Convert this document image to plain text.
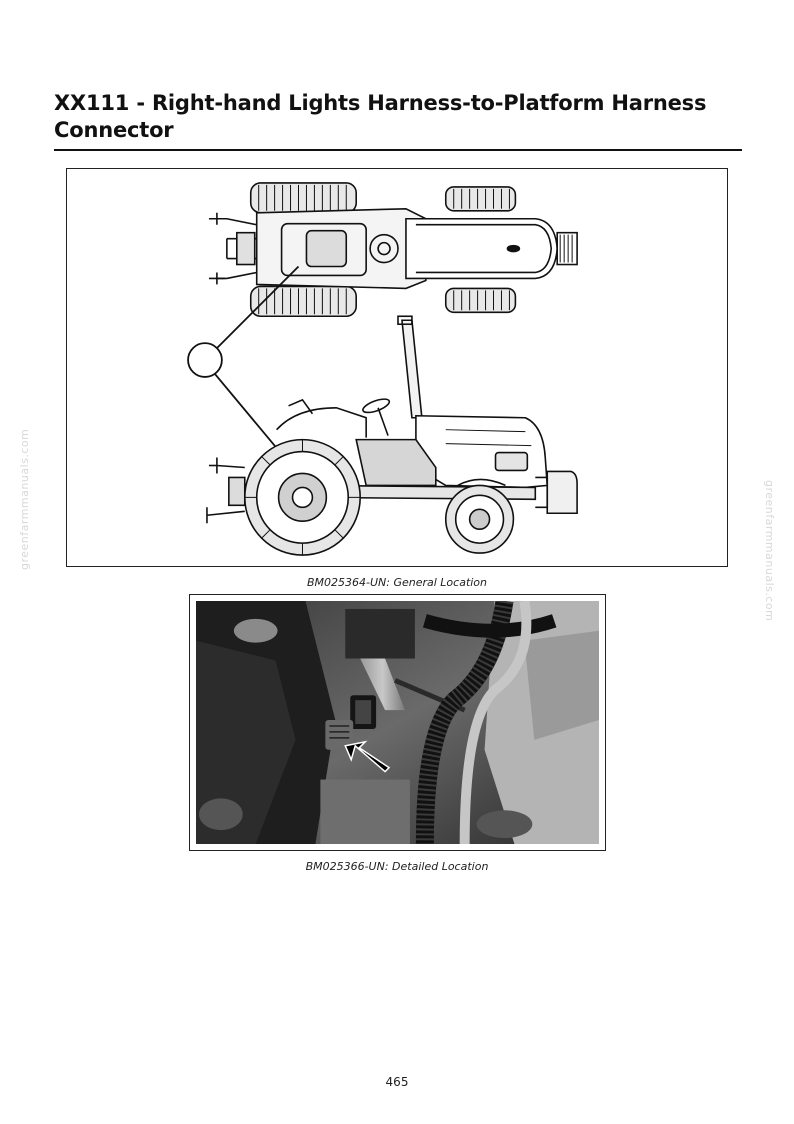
XX111 - Right-hand Lights Harness-to-Platform Harness Connector
BM025364-UN: General Location
BM025366-UN: Detailed Location
greenfarmmanuals.com	greenfarmmanuals.com
465
